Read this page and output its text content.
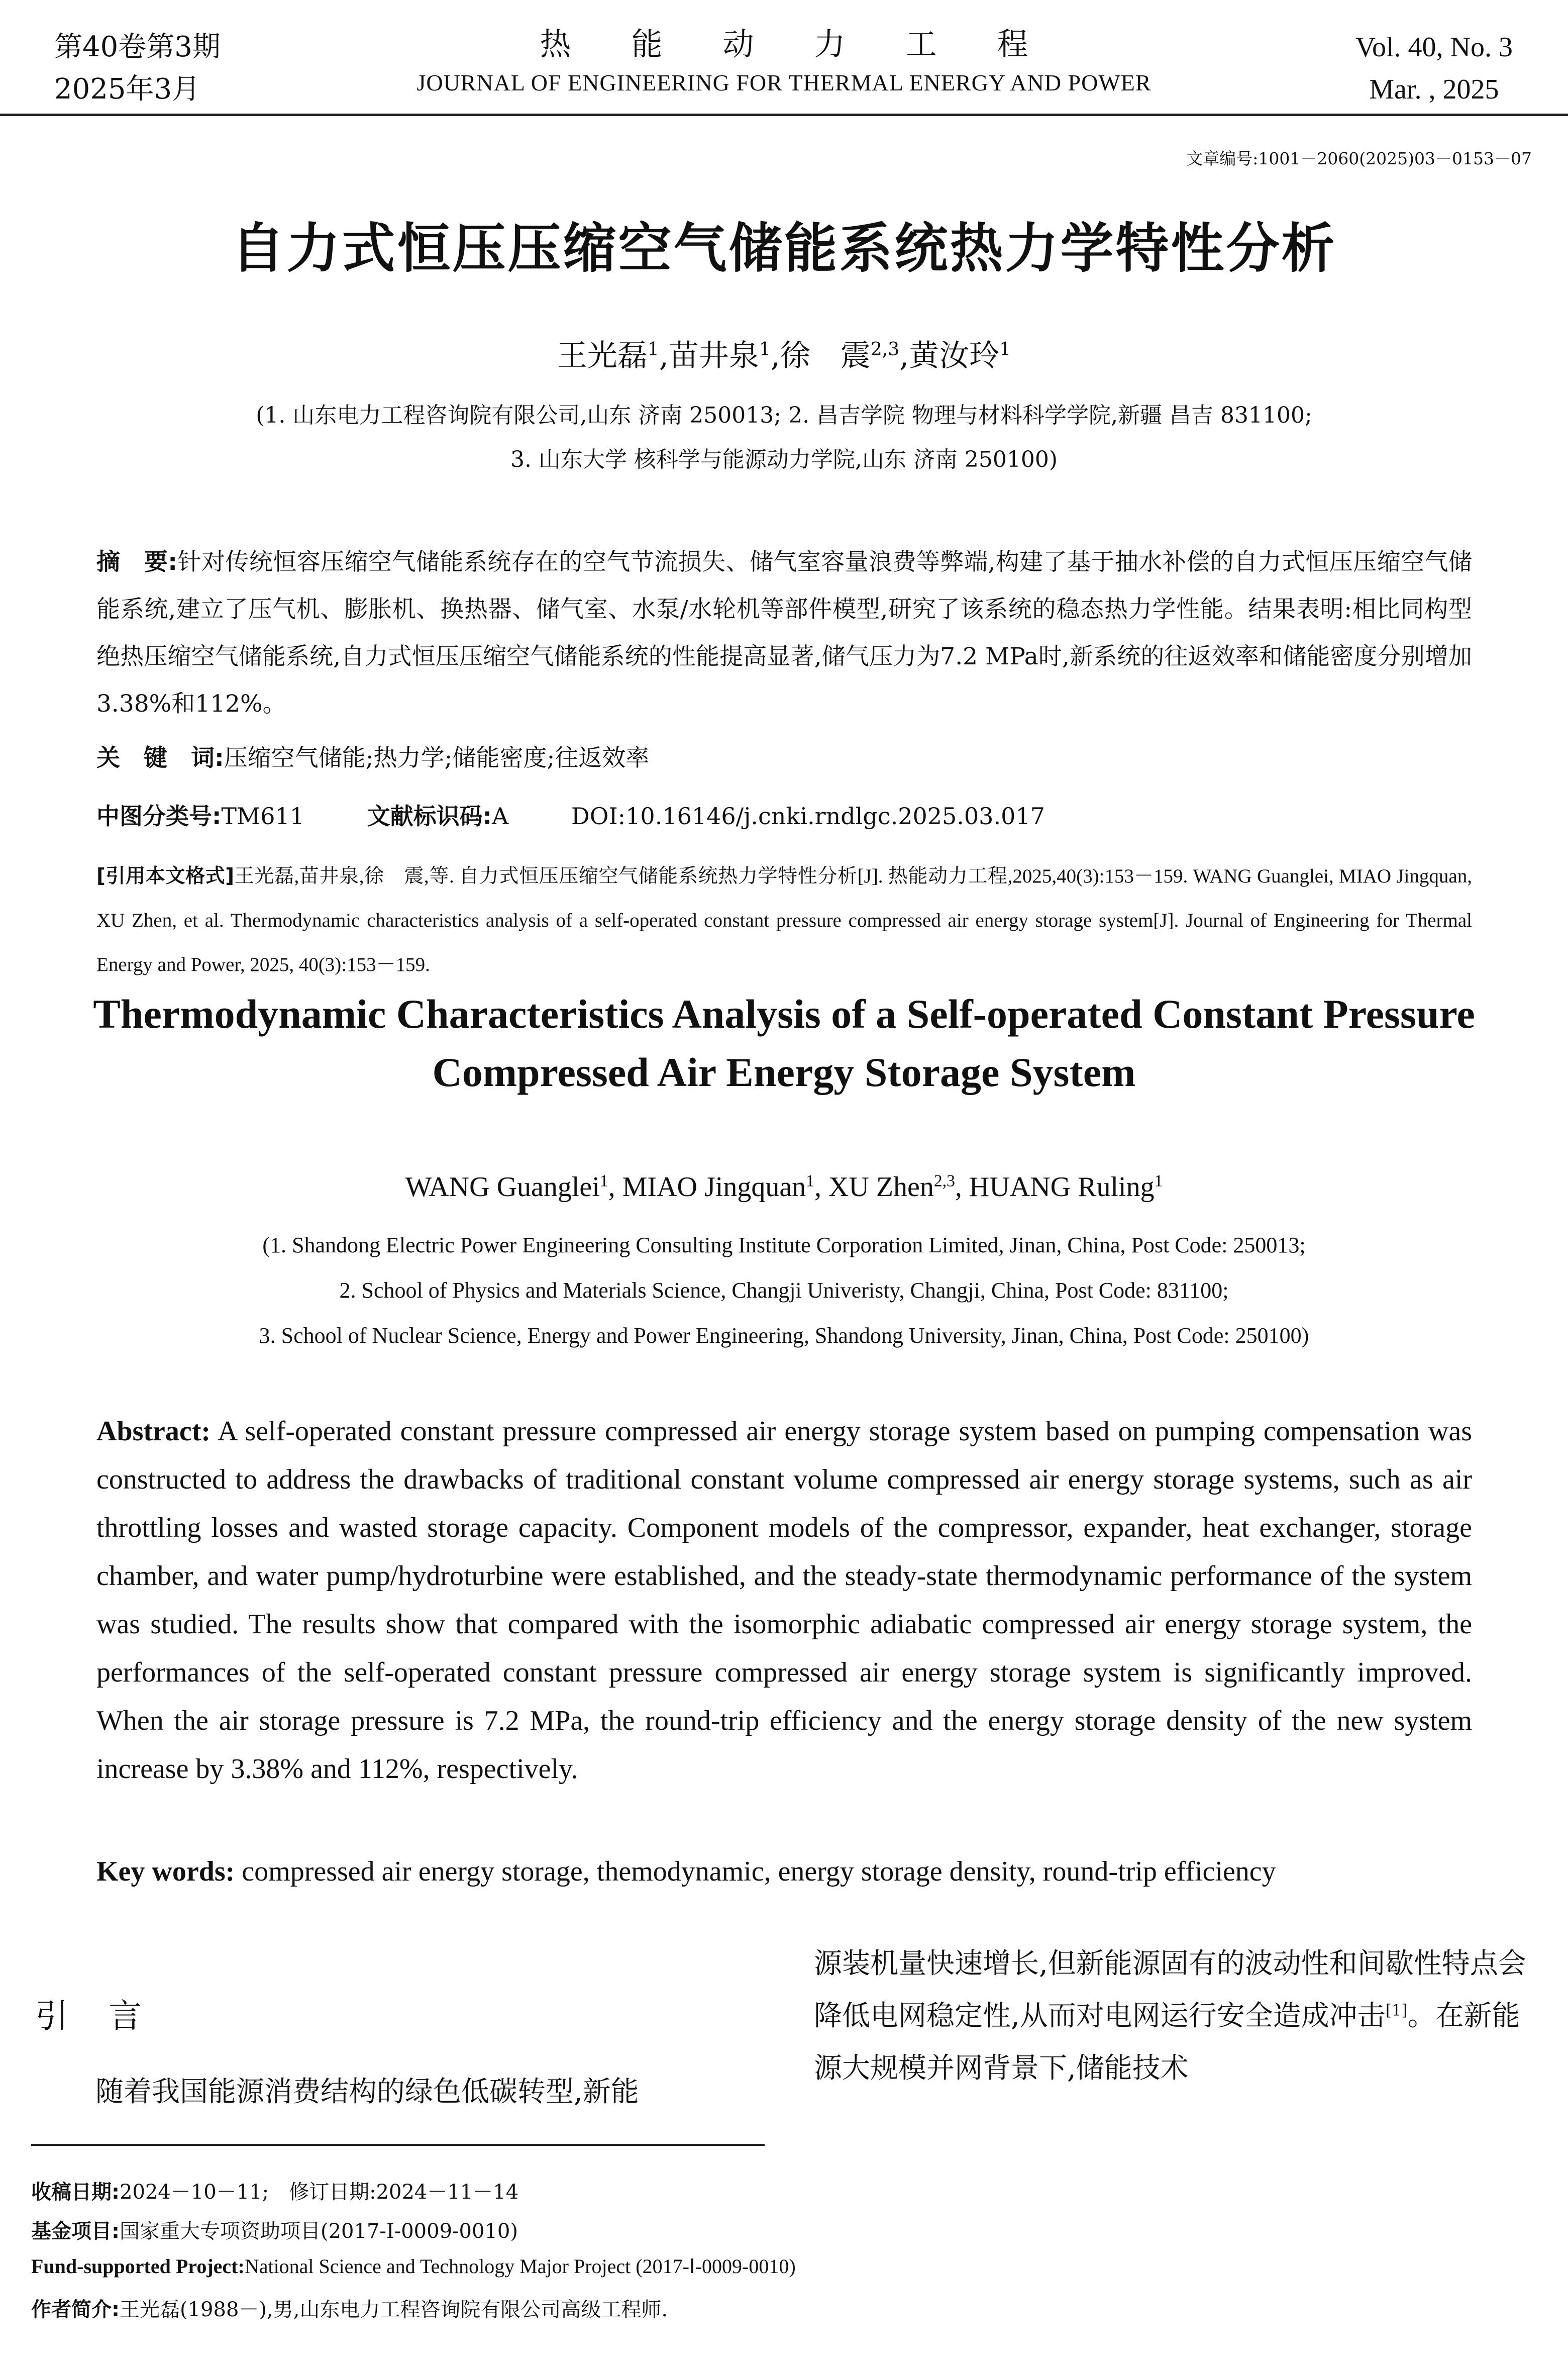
第40卷第3期
2025年3月
热能动力工程
JOURNAL OF ENGINEERING FOR THERMAL ENERGY AND POWER
Vol. 40, No. 3
Mar. , 2025
文章编号:1001－2060(2025)03－0153－07
自力式恒压压缩空气储能系统热力学特性分析
王光磊$^1$,苗井泉$^1$,徐　震$^{2,3}$,黄汝玲$^1$
(1. 山东电力工程咨询院有限公司,山东 济南 250013; 2. 昌吉学院 物理与材料科学学院,新疆 昌吉 831100;
3. 山东大学 核科学与能源动力学院,山东 济南 250100)
摘　要:针对传统恒容压缩空气储能系统存在的空气节流损失、储气室容量浪费等弊端,构建了基于抽水补偿的自力式恒压压缩空气储能系统,建立了压气机、膨胀机、换热器、储气室、水泵/水轮机等部件模型,研究了该系统的稳态热力学性能。结果表明:相比同构型绝热压缩空气储能系统,自力式恒压压缩空气储能系统的性能提高显著,储气压力为7.2 MPa时,新系统的往返效率和储能密度分别增加3.38%和112%。
关　键　词:压缩空气储能;热力学;储能密度;往返效率
中图分类号:TM611	文献标识码:A	DOI:10.16146/j.cnki.rndlgc.2025.03.017
[引用本文格式]王光磊,苗井泉,徐　震,等. 自力式恒压压缩空气储能系统热力学特性分析[J]. 热能动力工程,2025,40(3):153－159. WANG Guanglei, MIAO Jingquan, XU Zhen, et al. Thermodynamic characteristics analysis of a self-operated constant pressure compressed air energy storage system[J]. Journal of Engineering for Thermal Energy and Power, 2025, 40(3):153－159.
Thermodynamic Characteristics Analysis of a Self-operated Constant Pressure
Compressed Air Energy Storage System
WANG Guanglei$^1$, MIAO Jingquan$^1$, XU Zhen$^{2,3}$, HUANG Ruling$^1$
(1. Shandong Electric Power Engineering Consulting Institute Corporation Limited, Jinan, China, Post Code: 250013;
2. School of Physics and Materials Science, Changji Univeristy, Changji, China, Post Code: 831100;
3. School of Nuclear Science, Energy and Power Engineering, Shandong University, Jinan, China, Post Code: 250100)
Abstract: A self-operated constant pressure compressed air energy storage system based on pumping compensation was constructed to address the drawbacks of traditional constant volume compressed air energy storage systems, such as air throttling losses and wasted storage capacity. Component models of the compressor, expander, heat exchanger, storage chamber, and water pump/hydroturbine were established, and the steady-state thermodynamic performance of the system was studied. The results show that compared with the isomorphic adiabatic compressed air energy storage system, the performances of the self-operated constant pressure compressed air energy storage system is significantly improved. When the air storage pressure is 7.2 MPa, the round-trip efficiency and the energy storage density of the new system increase by 3.38% and 112%, respectively.
Key words: compressed air energy storage, themodynamic, energy storage density, round-trip efficiency
引言
随着我国能源消费结构的绿色低碳转型,新能
源装机量快速增长,但新能源固有的波动性和间歇性特点会降低电网稳定性,从而对电网运行安全造成冲击[1]。在新能源大规模并网背景下,储能技术
收稿日期:2024－10－11;　修订日期:2024－11－14
基金项目:国家重大专项资助项目(2017-Ⅰ-0009-0010)
Fund-supported Project:National Science and Technology Major Project (2017-Ⅰ-0009-0010)
作者简介:王光磊(1988－),男,山东电力工程咨询院有限公司高级工程师.
